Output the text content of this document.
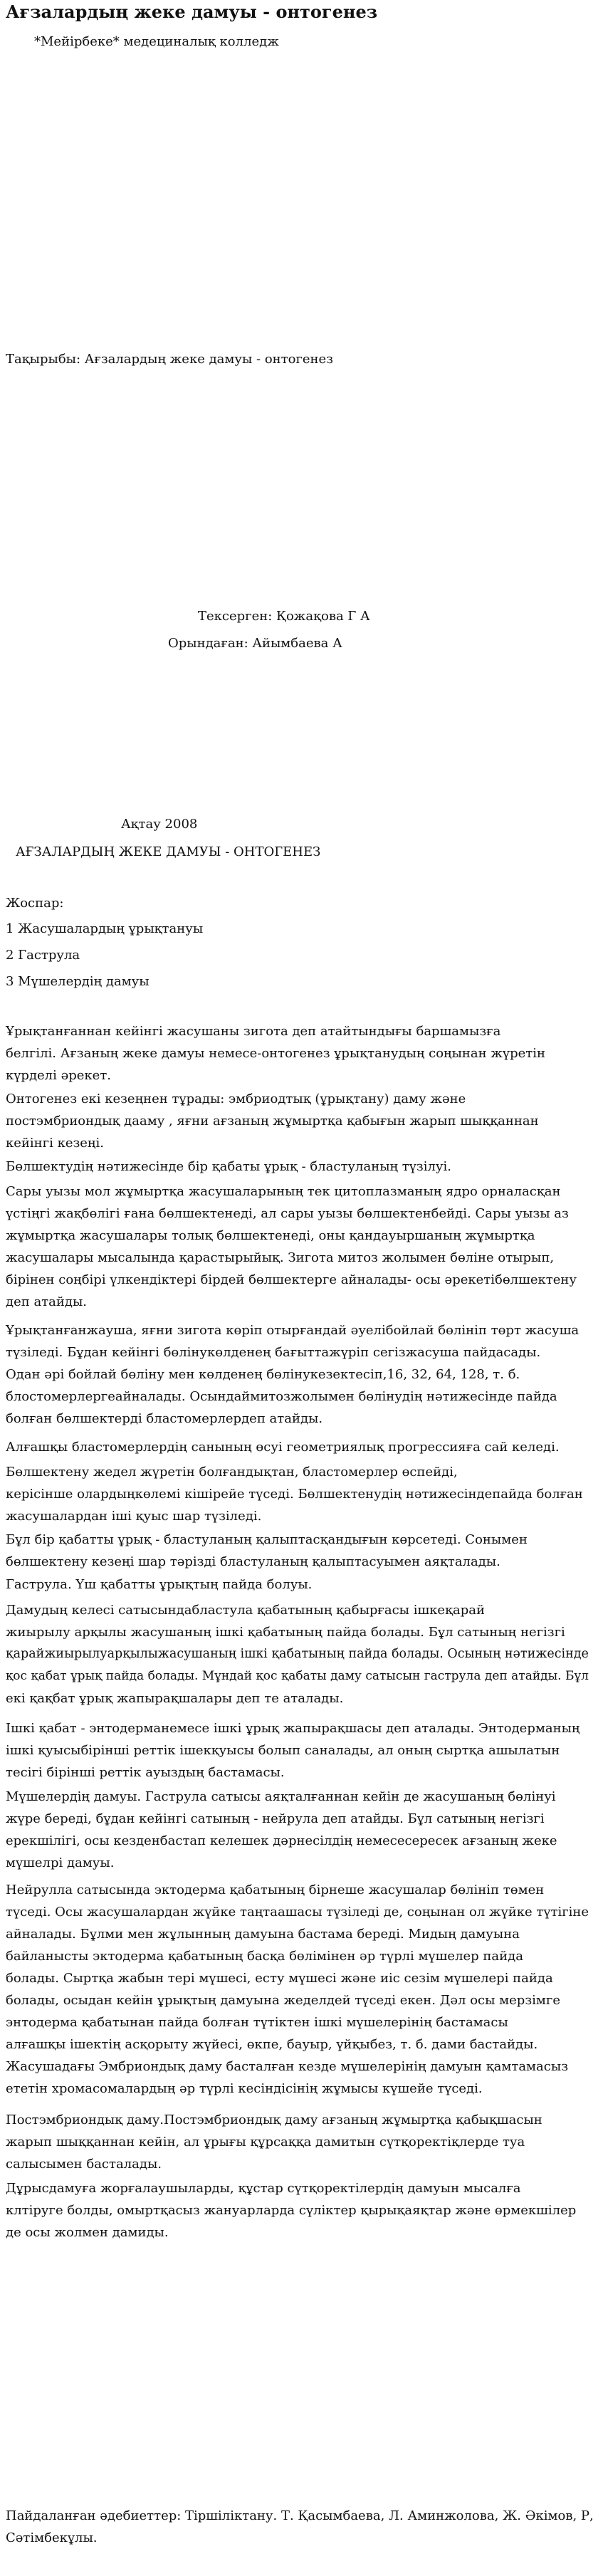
Ағзалардың жеке дамуы - онтогенез
*Мейірбеке* медециналық колледж
Тақырыбы: Ағзалардың жеке дамуы - онтогенез
Тексерген: Қожақова Г А
Орындаған: Айымбаева А
Ақтау 2008
АҒЗАЛАРДЫҢ ЖЕКЕ ДАМУЫ - ОНТОГЕНЕЗ
Жоспар:
1 Жасушалардың ұрықтануы
2 Гаструла
3 Мүшелердің дамуы

Ұрықтанғаннан кейінгі жасушаны зигота деп атайтындығы баршамызға
белгілі. Ағзаның жеке дамуы немесе-онтогенез ұрықтанудың соңынан жүретін
күрделі әрекет.

Онтогенез екі кезеңнен тұрады: эмбриодтық (ұрықтану) даму және
постэмбриондық дааму , яғни ағзаның жұмыртқа қабығын жарып шыққаннан
кейінгі кезеңі.

Бөлшектудің нәтижесінде бір қабаты ұрық - бластуланың түзілуі.

Сары уызы мол жұмыртқа жасушаларының тек цитоплазманың ядро орналасқан
үстіңгі жақбөлігі ғана бөлшектенеді, ал сары уызы бөлшектенбейді. Сары уызы аз
жұмыртқа жасушалары толық бөлшектенеді, оны қандауыршаның жұмыртқа
жасушалары мысалында қарастырыйық. Зигота митоз жолымен бөліне отырып,
бірінен соңбірі үлкендіктері бірдей бөлшектерге айналады- осы әрекетібөлшектену
деп атайды.

Ұрықтанғанжауша, яғни зигота көріп отырғандай әуелібойлай бөлініп төрт жасуша
түзіледі. Бұдан кейінгі бөлінукөлденең бағыттажүріп сегізжасуша пайдасады.
Одан әрі бойлай бөліну мен көлденең бөлінукезектесіп,16, 32, 64, 128, т. б.
блостомерлергеайналады. Осындаймитозжолымен бөлінудің нәтижесінде пайда
болған бөлшектерді бластомерлердеп атайды.

Алғашқы бластомерлердің санының өсуі геометриялық прогрессияға сай келеді.

Бөлшектену жедел жүретін болғандықтан, бластомерлер өспейді,
керісінше олардыңкөлемі кішірейе түседі. Бөлшектенудің нәтижесіндепайда болған
жасушалардан іші қуыс шар түзіледі.

Бұл бір қабатты ұрық - бластуланың қалыптасқандығын көрсетеді. Сонымен
бөлшектену кезеңі шар тәрізді бластуланың қалыптасуымен аяқталады.

Гаструла. Үш қабатты ұрықтың пайда болуы.

Дамудың келесі сатысындабластула қабатының қабырғасы ішкеқарай
жиырылу арқылы жасушаның ішкі қабатының пайда болады. Бұл сатының негізгі
қарайжиырылуарқылыжасушаның ішкі қабатының пайда болады. Осының нәтижесінде
қос қабат ұрық пайда болады. Мұндай қос қабаты даму сатысын гаструла деп атайды. Бұл
екі қақбат ұрық жапырақшалары деп те аталады.

Ішкі қабат - энтодерманемесе ішкі ұрық жапырақшасы деп аталады. Энтодерманың
ішкі қуысыбіріншi реттiк iшекқуысы болып саналады, ал оның сыртқа ашылатын
тесігі біріншi реттiк ауыздың бастамасы.

Мүшелердің дамуы. Гаструла сатысы аяқталғаннан кейін де жасушаның бөлінуі
жүре береді, бұдан кейінгі сатының - нейрула деп атайды. Бұл сатының негізгі
ерекшілігі, осы кезденбастап келешек дәрнесілдің немесесересек ағзаның жеке
мүшелрі дамуы.

Нейрулла сатысында эктодерма қабатының бірнеше жасушалар бөлініп төмен
түседі. Осы жасушалардан жүйке таңтаашасы түзіледі де, соңынан ол жүйке түтігіне
айналады. Бұлми мен жұлынның дамуына бастама береді. Мидың дамуына
байланысты эктодерма қабатының басқа бөлімінен әр түрлі мүшелер пайда
болады. Сыртқа жабын тері мүшесі, есту мүшесі және иіс сезім мүшелері пайда
болады, осыдан кейін ұрықтың дамуына жеделдей түседі екен. Дәл осы мерзімге
энтодерма қабатынан пайда болған түтіктен ішкі мүшелерінің бастамасы
алғашқы ішектің асқорыту жүйесі, өкпе, бауыр, үйқыбез, т. б. дами бастайды.
Жасушадағы Эмбриондық даму басталған кезде мүшелерінің дамуын қамтамасыз
ететін хромасомалардың әр түрлі кесіндісінің жұмысы күшейе түседі.

Постэмбриондық даму.Постэмбриондық даму ағзаның жұмыртқа қабықшасын
жарып шыққаннан кейін, ал ұрығы құрсаққа дамитын сүтқоректіқлерде туа
салысымен басталады.

Дұрысдамуға жорғалаушыларды, құстар сүтқоректілердің дамуын мысалға
клтіруге болды, омыртқасыз жануарларда сүліктер қырықаяқтар және өрмекшілер
де осы жолмен дамиды.

Пайдаланған әдебиеттер: Тіршіліктану. Т. Қасымбаева, Л. Аминжолова, Ж. Әкімов, Р,
Сәтімбекұлы.
